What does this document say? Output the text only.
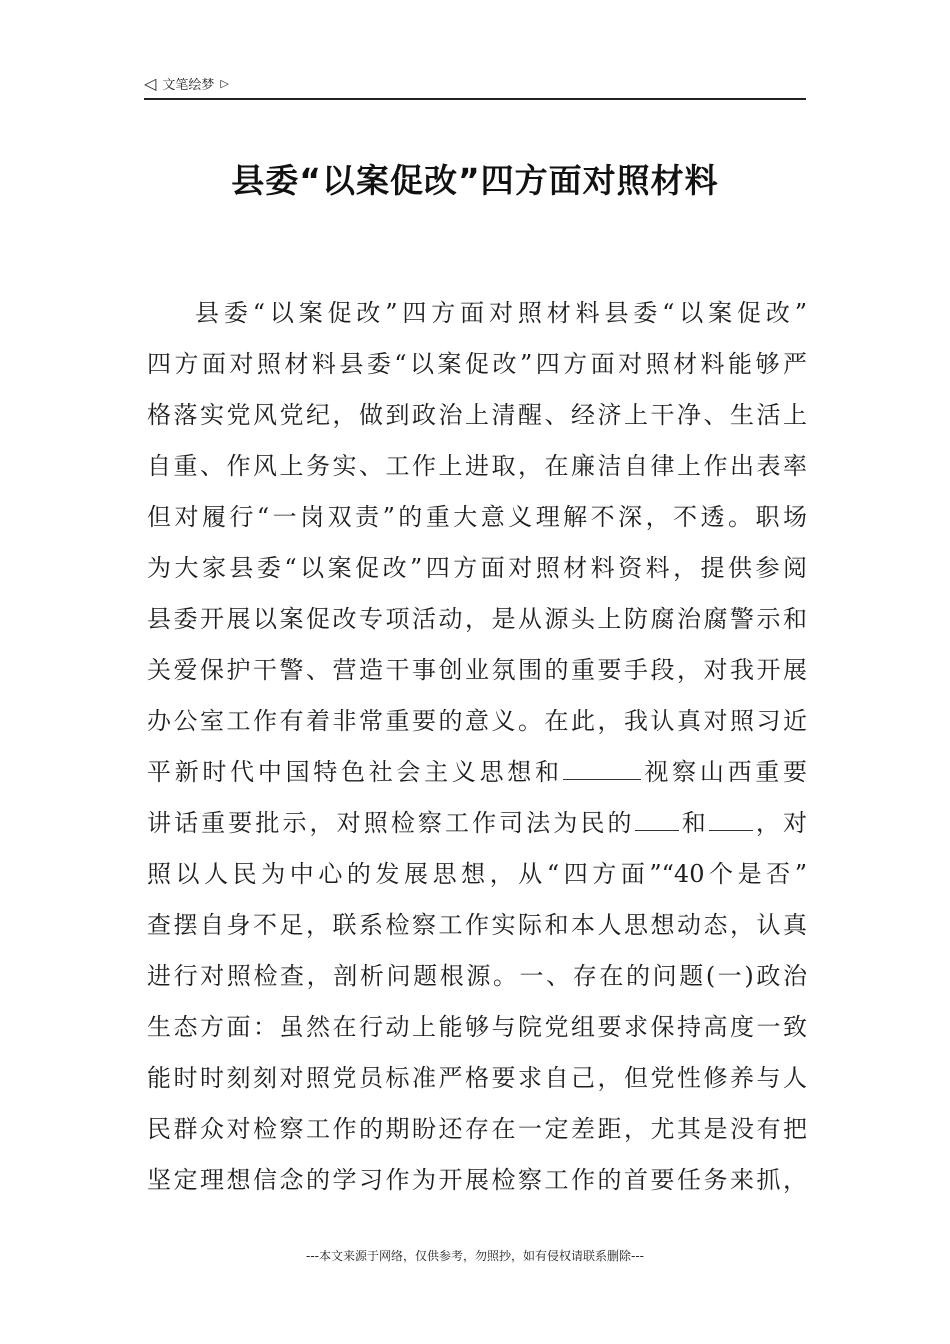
◁ 文笔绘梦 ▷
县委“以案促改”四方面对照材料
县委“以案促改”四方面对照材料县委“以案促改”
四方面对照材料县委“以案促改”四方面对照材料能够严
格落实党风党纪，做到政治上清醒、经济上干净、生活上
自重、作风上务实、工作上进取，在廉洁自律上作出表率
但对履行“一岗双责”的重大意义理解不深，不透。职场
为大家县委“以案促改”四方面对照材料资料，提供参阅
县委开展以案促改专项活动，是从源头上防腐治腐警示和
关爱保护干警、营造干事创业氛围的重要手段，对我开展
办公室工作有着非常重要的意义。在此，我认真对照习近
平新时代中国特色社会主义思想和	视察山西重要
讲话重要批示，对照检察工作司法为民的 和 ，对
照以人民为中心的发展思想，从“四方面”“40个是否”
查摆自身不足，联系检察工作实际和本人思想动态，认真
进行对照检查，剖析问题根源。一、存在的问题(一)政治
生态方面：虽然在行动上能够与院党组要求保持高度一致
能时时刻刻对照党员标准严格要求自己，但党性修养与人
民群众对检察工作的期盼还存在一定差距，尤其是没有把
坚定理想信念的学习作为开展检察工作的首要任务来抓，
---本文来源于网络，仅供参考，勿照抄，如有侵权请联系删除---
